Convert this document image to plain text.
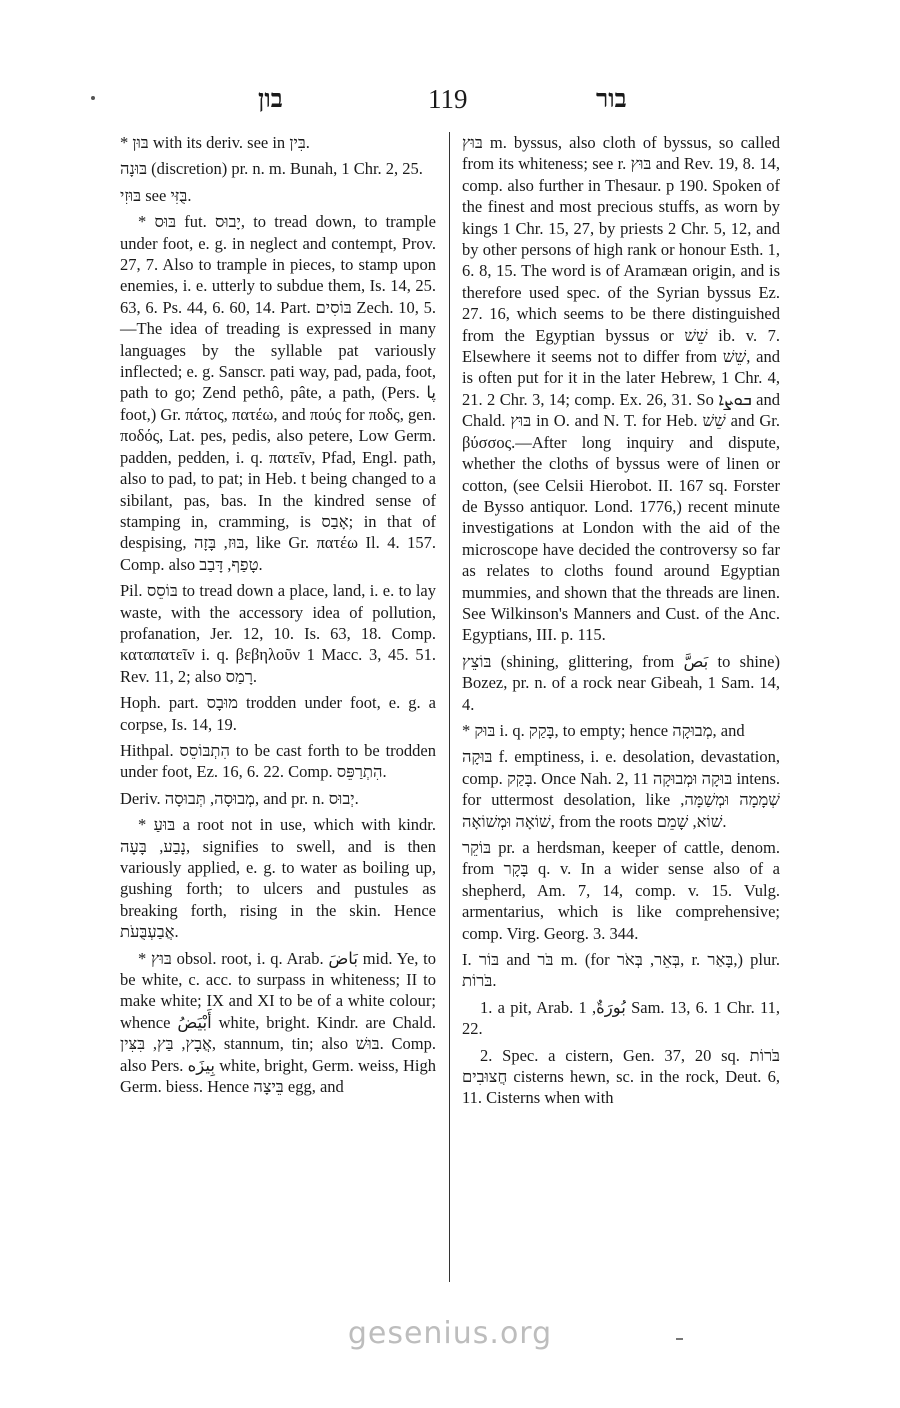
בון	119	בור

* בּוּן with its deriv. see in בִּין.

בּוּנָה (discretion) pr. n. m. Bunah, 1 Chr. 2, 25.

בּוּזִי see בֻּזִּי.

* בּוּס fut. יָבוּס, to tread down, to trample under foot, e. g. in neglect and contempt, Prov. 27, 7. Also to trample in pieces, to stamp upon enemies, i. e. utterly to subdue them, Is. 14, 25. 63, 6. Ps. 44, 6. 60, 14. Part. בּוֹסִים Zech. 10, 5.—The idea of treading is expressed in many languages by the syllable pat variously inflected; e. g. Sanscr. pati way, pad, pada, foot, path to go; Zend pethô, pâte, a path, (Pers. پا foot,) Gr. πάτος, πατέω, and πούς for ποδς, gen. ποδός, Lat. pes, pedis, also petere, Low Germ. padden, pedden, i. q. πατεῖν, Pfad, Engl. path, also to pad, to pat; in Heb. t being changed to a sibilant, pas, bas. In the kindred sense of stamping in, cramming, is אָבַס; in that of despising, בּוּז, בָּזָה, like Gr. πατέω Il. 4. 157. Comp. also טָפַף, דָּבַב.

Pil. בּוֹסֵס to tread down a place, land, i. e. to lay waste, with the accessory idea of pollution, profanation, Jer. 12, 10. Is. 63, 18. Comp. καταπατεῖν i. q. βεβηλοῦν 1 Macc. 3, 45. 51. Rev. 11, 2; also רָמַס.

Hoph. part. מוּבָס trodden under foot, e. g. a corpse, Is. 14, 19.

Hithpal. הִתְבּוֹסֵס to be cast forth to be trodden under foot, Ez. 16, 6. 22. Comp. הִתְרַפֵּס.

Deriv. מְבוּסָה, תְּבוּסָה, and pr. n. יְבוּס.

* בּוּעַ a root not in use, which with kindr. נָבַע, בָּעָה, signifies to swell, and is then variously applied, e. g. to water as boiling up, gushing forth; to ulcers and pustules as breaking forth, rising in the skin. Hence אֲבַעְבֻּעֹת.

* בּוּץ obsol. root, i. q. Arab. بَاضَ mid. Ye, to be white, c. acc. to surpass in whiteness; II to make white; IX and XI to be of a white colour; whence أَبْيَضُ white, bright. Kindr. are Chald. אֲבָץ, בַּץ, בִּצִּין, stannum, tin; also בּוּשׁ. Comp. also Pers. بِيزَه white, bright, Germ. weiss, High Germ. biess. Hence בֵּיצָה egg, and

בּוּץ m. byssus, also cloth of byssus, so called from its whiteness; see r. בּוּץ and Rev. 19, 8. 14, comp. also further in Thesaur. p 190. Spoken of the finest and most precious stuffs, as worn by kings 1 Chr. 15, 27, by priests 2 Chr. 5, 12, and by other persons of high rank or honour Esth. 1, 6. 8, 15. The word is of Aramæan origin, and is therefore used spec. of the Syrian byssus Ez. 27. 16, which seems to be there distinguished from the Egyptian byssus or שֵׁשׁ ib. v. 7. Elsewhere it seems not to differ from שֵׁשׁ, and is often put for it in the later Hebrew, 1 Chr. 4, 21. 2 Chr. 3, 14; comp. Ex. 26, 31. So ܒܘܨܐ and Chald. בּוּץ in O. and N. T. for Heb. שֵׁשׁ and Gr. βύσσος.—After long inquiry and dispute, whether the cloths of byssus were of linen or cotton, (see Celsii Hierobot. II. 167 sq. Forster de Bysso antiquor. Lond. 1776,) recent minute investigations at London with the aid of the microscope have decided the controversy so far as relates to cloths found around Egyptian mummies, and shown that the threads are linen. See Wilkinson's Manners and Cust. of the Anc. Egyptians, III. p. 115.

בּוֹצֵץ (shining, glittering, from بَصَّ to shine) Bozez, pr. n. of a rock near Gibeah, 1 Sam. 14, 4.

* בּוּק i. q. בָּקַק, to empty; hence מְבוּקָה, and

בּוּקָה f. emptiness, i. e. desolation, devastation, comp. בָּקַק. Once Nah. 2, 11 בּוּקָה וּמְבוּקָה intens. for uttermost desolation, like שְׁמָמָה וּמְשַׁמָּה, שׁוֹאָה וּמְשׁוֹאָה, from the roots שׁוֹא, שָׁמֵם.

בּוֹקֵר pr. a herdsman, keeper of cattle, denom. from בָּקָר q. v. In a wider sense also of a shepherd, Am. 7, 14, comp. v. 15. Vulg. armentarius, which is like comprehensive; comp. Virg. Georg. 3. 344.

I. בּוֹר and בֹּר m. (for בְּאֵר, בְּאֹר, r. בָּאַר,) plur. בֹּרוֹת.

1. a pit, Arab. بُورَةٌ, 1 Sam. 13, 6. 1 Chr. 11, 22.

2. Spec. a cistern, Gen. 37, 20 sq. בֹּרוֹת חֲצוּבִים cisterns hewn, sc. in the rock, Deut. 6, 11. Cisterns when with

gesenius.org
